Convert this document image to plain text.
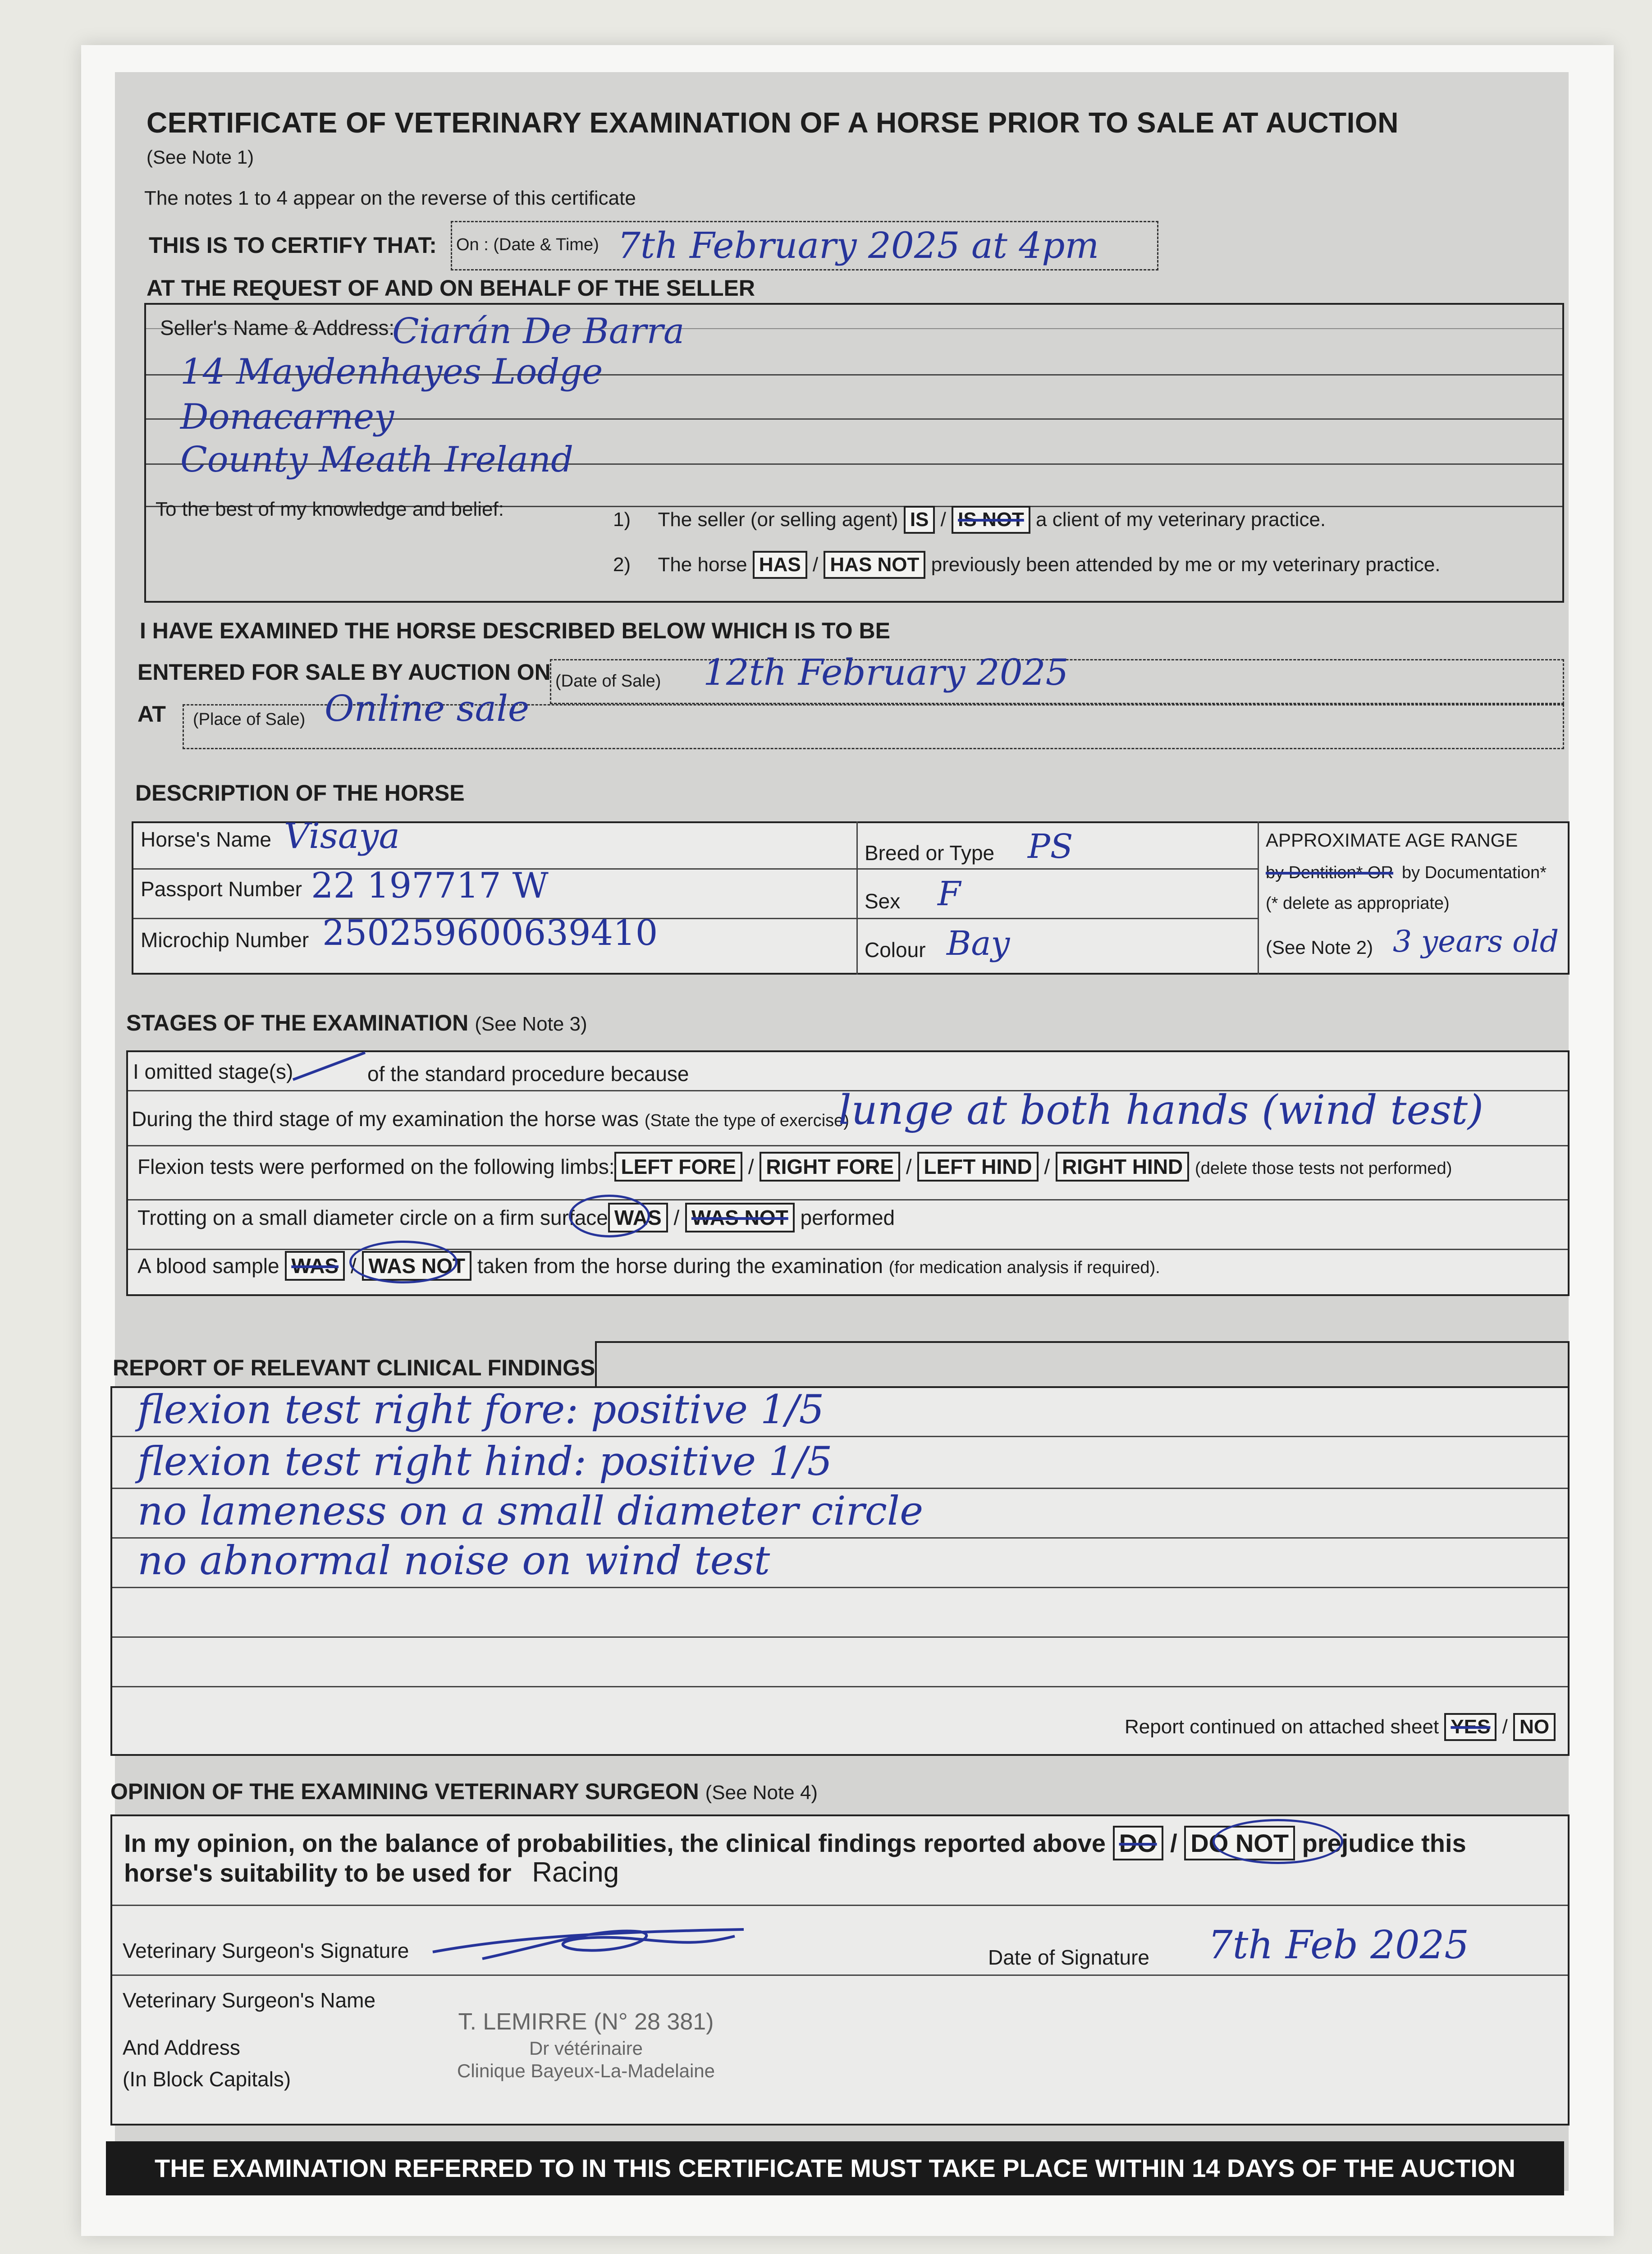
CERTIFICATE OF VETERINARY EXAMINATION OF A HORSE PRIOR TO SALE AT AUCTION
(See Note 1)
The notes 1 to 4 appear on the reverse of this certificate
THIS IS TO CERTIFY THAT: On : (Date & Time) 7th February 2025 at 4pm
AT THE REQUEST OF AND ON BEHALF OF THE SELLER
Seller's Name & Address:
Ciarán De Barra
14 Maydenhayes Lodge
Donacarney
County Meath Ireland
To the best of my knowledge and belief:	1) The seller (or selling agent) IS / IS NOT a client of my veterinary practice.
2) The horse HAS / HAS NOT previously been attended by me or my veterinary practice.
I HAVE EXAMINED THE HORSE DESCRIBED BELOW WHICH IS TO BE
ENTERED FOR SALE BY AUCTION ON (Date of Sale) 12th February 2025
AT (Place of Sale) Online sale
DESCRIPTION OF THE HORSE
Horse's Name Visaya
Passport Number 22 197717 W
Microchip Number 250259600639410
Breed or Type PS
Sex F
Colour Bay
APPROXIMATE AGE RANGE
by Dentition* OR by Documentation*
(* delete as appropriate)
(See Note 2) 3 years old
STAGES OF THE EXAMINATION (See Note 3)
I omitted stage(s)	of the standard procedure because
During the third stage of my examination the horse was (State the type of exercise)
lunge at both hands (wind test)
Flexion tests were performed on the following limbs: LEFT FORE / RIGHT FORE / LEFT HIND / RIGHT HIND (delete those tests not performed)
Trotting on a small diameter circle on a firm surface WAS / WAS NOT performed
A blood sample WAS / WAS NOT taken from the horse during the examination (for medication analysis if required).
REPORT OF RELEVANT CLINICAL FINDINGS
flexion test right fore: positive 1/5
flexion test right hind: positive 1/5
no lameness on a small diameter circle
no abnormal noise on wind test
Report continued on attached sheet YES / NO
OPINION OF THE EXAMINING VETERINARY SURGEON (See Note 4)
In my opinion, on the balance of probabilities, the clinical findings reported above DO / DO NOT prejudice this
horse's suitability to be used for Racing
Veterinary Surgeon's Signature	Date of Signature 7th Feb 2025
Veterinary Surgeon's Name
And Address
(In Block Capitals)
T. LEMIRRE (N° 28 381)
Dr vétérinaire
Clinique Bayeux-La-Madelaine
THE EXAMINATION REFERRED TO IN THIS CERTIFICATE MUST TAKE PLACE WITHIN 14 DAYS OF THE AUCTION
